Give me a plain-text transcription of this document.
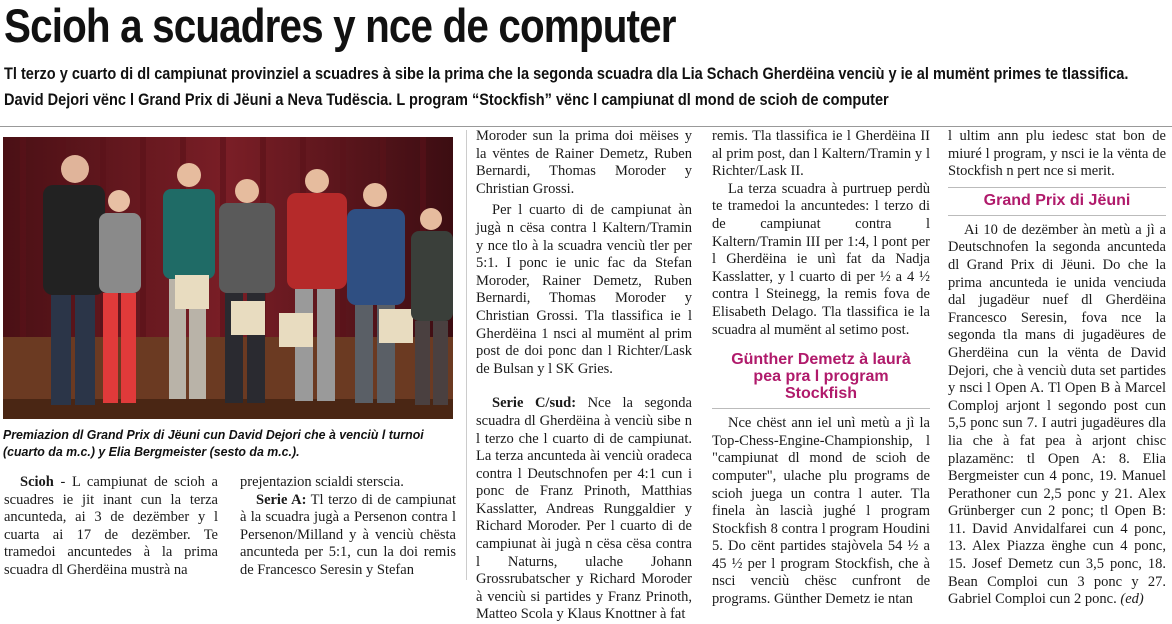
Scioh a scuadres y nce de computer
Tl terzo y cuarto di dl campiunat provinziel a scuadres à sibe la prima che la segonda scuadra dla Lia Schach Gherdëina venciù y ie al mumënt primes te tlassifica. David Dejori vënc l Grand Prix di Jëuni a Neva Tudëscia. L program “Stockfish” vënc l campiunat dl mond de scioh de computer
Premiazion dl Grand Prix di Jëuni cun David Dejori che à venciù l turnoi (cuarto da m.c.) y Elia Bergmeister (sesto da m.c.).

Scioh - L campiunat de scioh a scuadres ie jit inant cun la terza ancunteda, ai 3 de dezëmber y l cuarta ai 17 de dezëmber. Te tramedoi ancuntedes à la prima scuadra dl Gherdëina mustrà na

prejentazion scialdi sterscia.

Serie A: Tl terzo di de campiunat à la scuadra jugà a Persenon contra l Persenon/Milland y à venciù chësta ancunteda per 5:1, cun la doi remis de Francesco Seresin y Stefan

Moroder sun la prima doi mëises y la vëntes de Rainer Demetz, Ruben Bernardi, Thomas Moroder y Christian Grossi.

Per l cuarto di de campiunat àn jugà n cësa contra l Kaltern/Tramin y nce tlo à la scuadra venciù tler per 5:1. I ponc ie unic fac da Stefan Moroder, Rainer Demetz, Ruben Bernardi, Thomas Moroder y Christian Grossi. Tla tlassifica ie l Gherdëina 1 nsci al mumënt al prim post de doi ponc dan l Richter/Lask de Bulsan y l SK Gries.

Serie C/sud: Nce la segonda scuadra dl Gherdëina à venciù sibe n l terzo che l cuarto di de campiunat. La terza ancunteda ài venciù oradeca contra l Deutschnofen per 4:1 cun i ponc de Franz Prinoth, Matthias Kasslatter, Andreas Runggaldier y Richard Moroder. Per l cuarto di de campiunat ài jugà n cësa cësa contra l Naturns, ulache Johann Grossrubatscher y Richard Moroder à venciù si partides y Franz Prinoth, Matteo Scola y Klaus Knottner à fat

remis. Tla tlassifica ie l Gherdëina II al prim post, dan l Kaltern/Tramin y l Richter/Lask II.

La terza scuadra à purtruep perdù te tramedoi la ancuntedes: l terzo di de campiunat contra l Kaltern/Tramin III per 1:4, l pont per l Gherdëina ie unì fat da Nadja Kasslatter, y l cuarto di per ½ a 4 ½ contra l Steinegg, la remis fova de Elisabeth Delago. Tla tlassifica ie la scuadra al mumënt al setimo post.

Günther Demetz à laurà pea pra l program Stockfish

Nce chëst ann iel unì metù a jì la Top-Chess-Engine-Championship, l "campiunat dl mond de scioh de computer", ulache plu programs de scioh juega un contra l auter. Tla finela àn lascià jughé l program Stockfish 8 contra l program Houdini 5. Do cënt partides stajòvela 54 ½ a 45 ½ per l program Stockfish, che à nsci venciù chësc cunfront de programs. Günther Demetz ie ntan

l ultim ann plu iedesc stat bon de miuré l program, y nsci ie la vënta de Stockfish n pert nce si merit.

Grand Prix di Jëuni

Ai 10 de dezëmber àn metù a jì a Deutschnofen la segonda ancunteda dl Grand Prix di Jëuni. Do che la prima ancunteda ie unida venciuda dal jugadëur nuef dl Gherdëina Francesco Seresin, fova nce la segonda tla mans di jugadëures de Gherdëina cun la vënta de David Dejori, che à venciù duta set partides y nsci l Open A. Tl Open B à Marcel Comploj arjont l segondo post cun 5,5 ponc sun 7. I autri jugadëures dla lia che à fat pea à arjont chisc plazamënc: tl Open A: 8. Elia Bergmeister cun 4 ponc, 19. Manuel Perathoner cun 2,5 ponc y 21. Alex Grünberger cun 2 ponc; tl Open B: 11. David Anvidalfarei cun 4 ponc, 13. Alex Piazza ënghe cun 4 ponc, 15. Josef Demetz cun 3,5 ponc, 18. Bean Comploi cun 3 ponc y 27. Gabriel Comploi cun 2 ponc. (ed)
